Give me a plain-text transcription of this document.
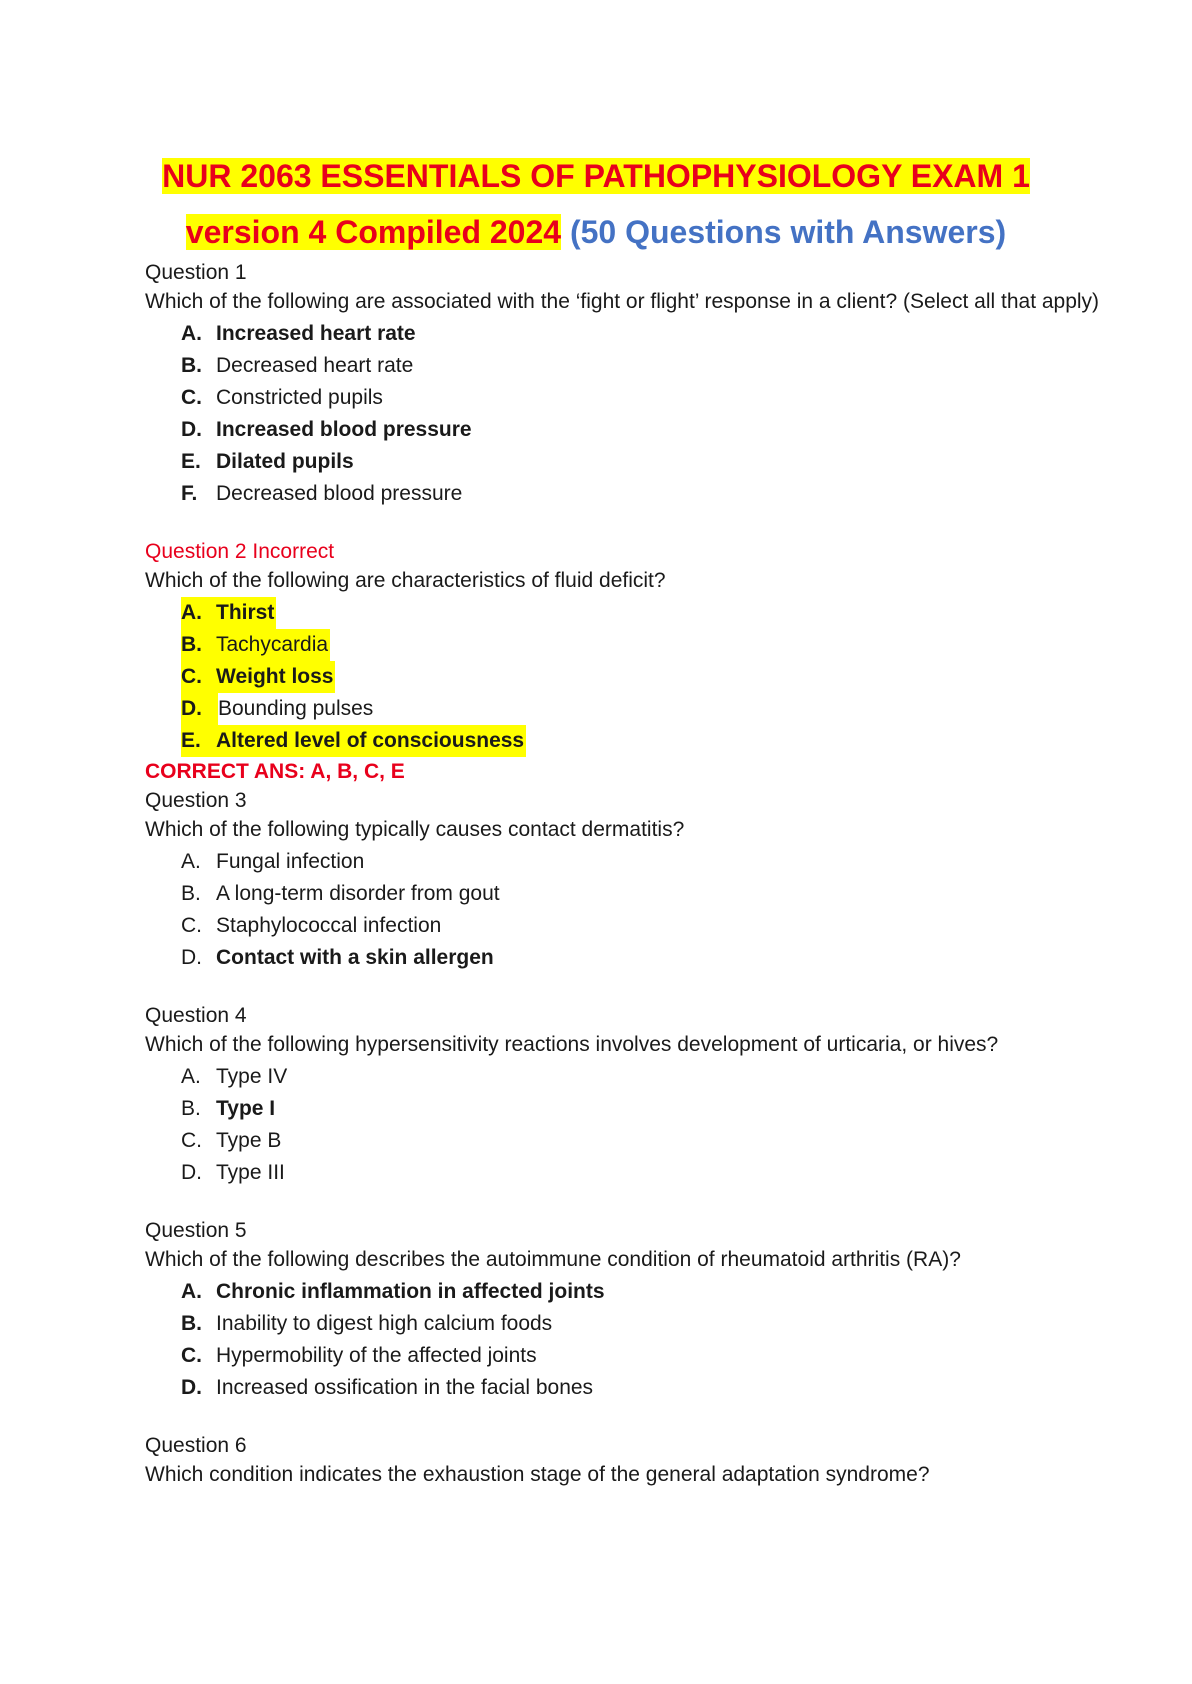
NUR 2063 ESSENTIALS OF PATHOPHYSIOLOGY EXAM 1
version 4 Compiled 2024 (50 Questions with Answers)
Question 1
Which of the following are associated with the ‘fight or flight’ response in a client? (Select all that apply)
A. Increased heart rate
B. Decreased heart rate
C. Constricted pupils
D. Increased blood pressure
E. Dilated pupils
F. Decreased blood pressure
Question 2 Incorrect
Which of the following are characteristics of fluid deficit?
A. Thirst
B. Tachycardia
C. Weight loss
D. Bounding pulses
E. Altered level of consciousness
CORRECT ANS: A, B, C, E
Question 3
Which of the following typically causes contact dermatitis?
A. Fungal infection
B. A long-term disorder from gout
C. Staphylococcal infection
D. Contact with a skin allergen
Question 4
Which of the following hypersensitivity reactions involves development of urticaria, or hives?
A. Type IV
B. Type I
C. Type B
D. Type III
Question 5
Which of the following describes the autoimmune condition of rheumatoid arthritis (RA)?
A. Chronic inflammation in affected joints
B. Inability to digest high calcium foods
C. Hypermobility of the affected joints
D. Increased ossification in the facial bones
Question 6
Which condition indicates the exhaustion stage of the general adaptation syndrome?
